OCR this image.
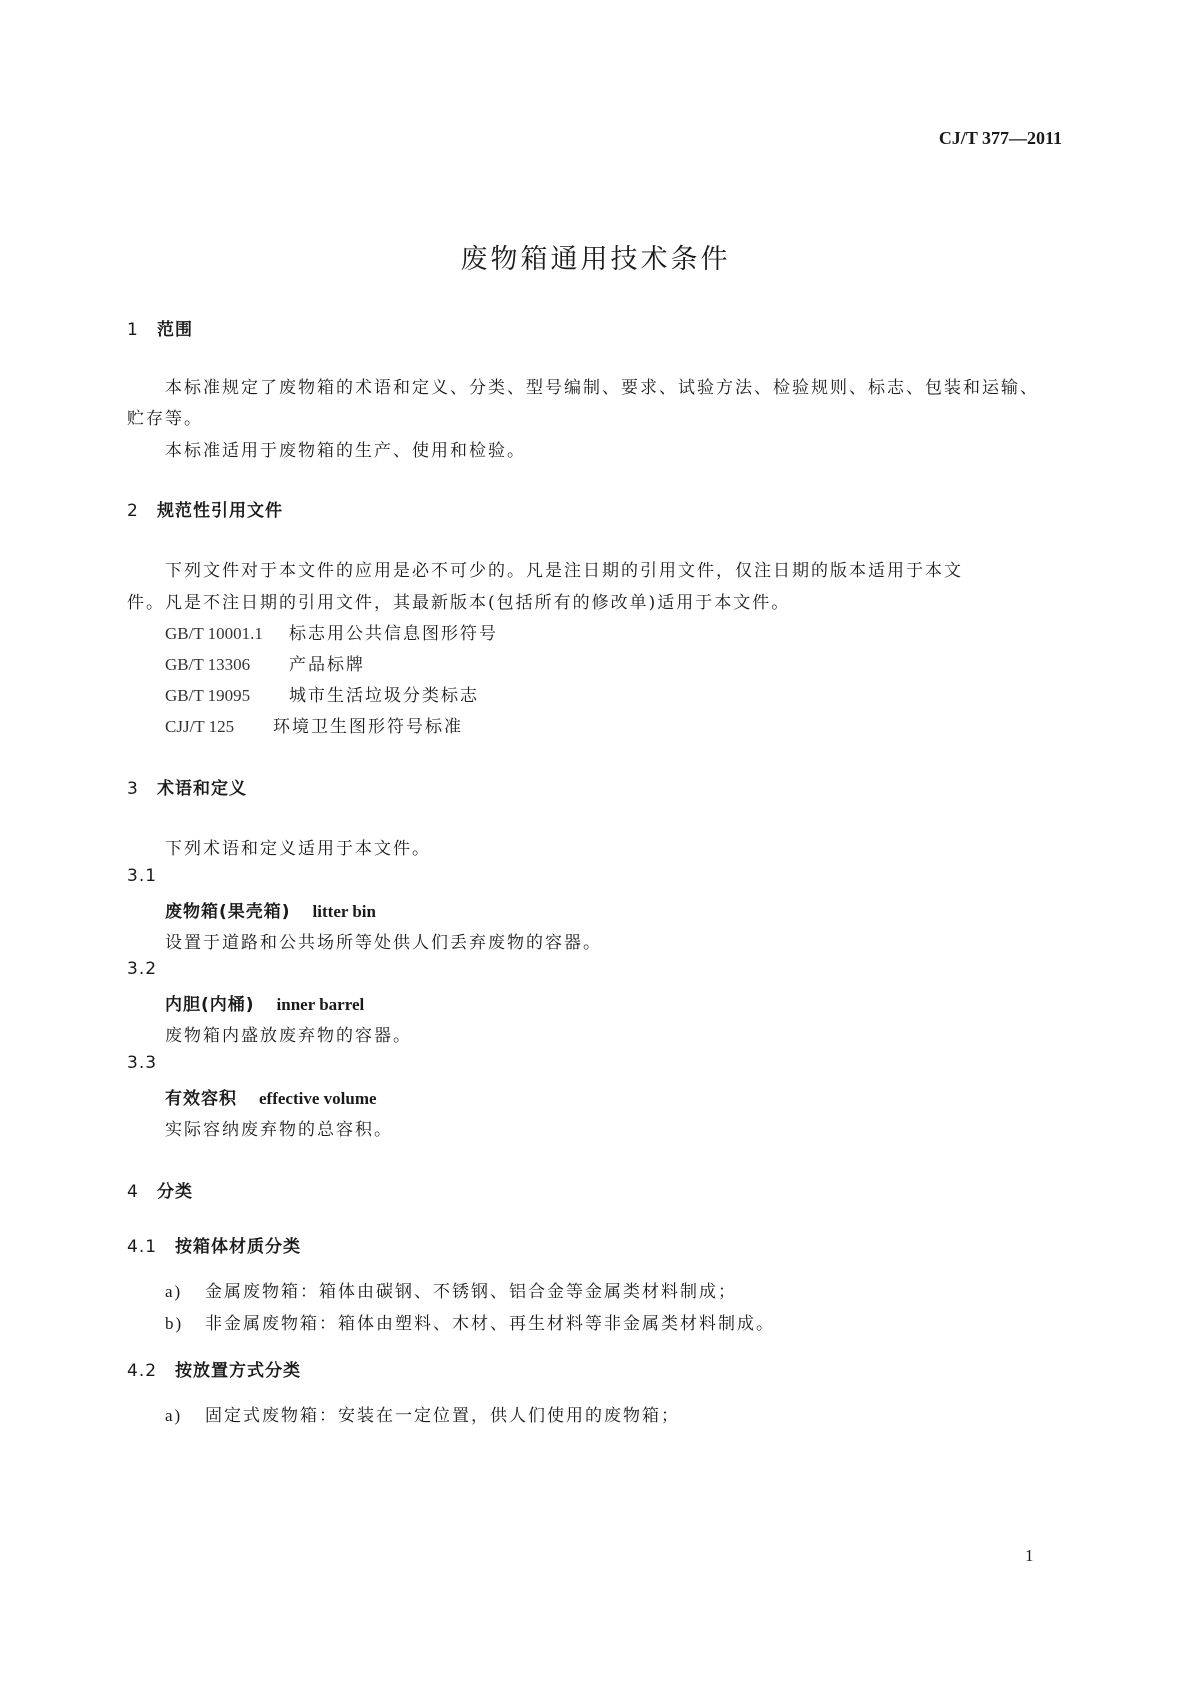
CJ/T 377—2011
废物箱通用技术条件
1 范围
本标准规定了废物箱的术语和定义、分类、型号编制、要求、试验方法、检验规则、标志、包装和运输、
贮存等。
本标准适用于废物箱的生产、使用和检验。
2 规范性引用文件
下列文件对于本文件的应用是必不可少的。凡是注日期的引用文件，仅注日期的版本适用于本文
件。凡是不注日期的引用文件，其最新版本(包括所有的修改单)适用于本文件。
GB/T 10001.1 标志用公共信息图形符号
GB/T 13306 产品标牌
GB/T 19095 城市生活垃圾分类标志
CJJ/T 125 环境卫生图形符号标准
3 术语和定义
下列术语和定义适用于本文件。
3.1
废物箱(果壳箱) litter bin
设置于道路和公共场所等处供人们丢弃废物的容器。
3.2
内胆(内桶) inner barrel
废物箱内盛放废弃物的容器。
3.3
有效容积 effective volume
实际容纳废弃物的总容积。
4 分类
4.1 按箱体材质分类
a) 金属废物箱：箱体由碳钢、不锈钢、铝合金等金属类材料制成；
b) 非金属废物箱：箱体由塑料、木材、再生材料等非金属类材料制成。
4.2 按放置方式分类
a) 固定式废物箱：安装在一定位置，供人们使用的废物箱；
1
